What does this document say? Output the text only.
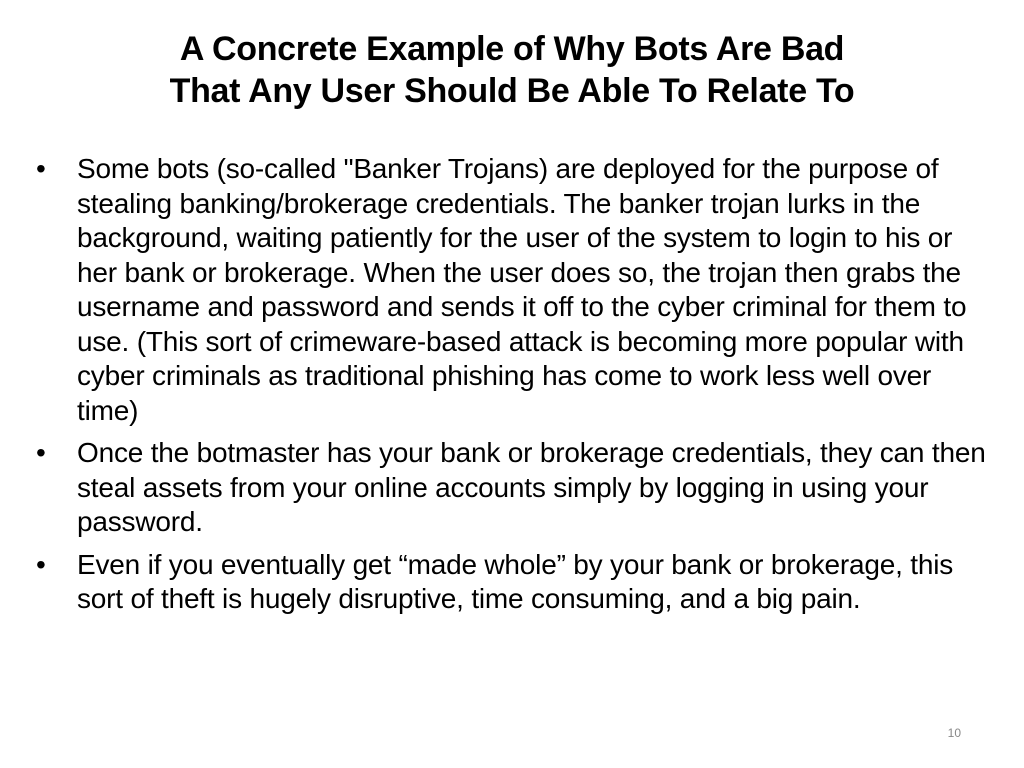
A Concrete Example of Why Bots Are Bad
That Any User Should Be Able To Relate To
• Some bots (so-called "Banker Trojans) are deployed for the purpose of stealing banking/brokerage credentials. The banker trojan lurks in the background, waiting patiently for the user of the system to login to his or her bank or brokerage. When the user does so, the trojan then grabs the username and password and sends it off to the cyber criminal for them to use. (This sort of crimeware-based attack is becoming more popular with cyber criminals as traditional phishing has come to work less well over time)
• Once the botmaster has your bank or brokerage credentials, they can then steal assets from your online accounts simply by logging in using your password.
• Even if you eventually get “made whole” by your bank or brokerage, this sort of theft is hugely disruptive, time consuming, and a big pain.
10
